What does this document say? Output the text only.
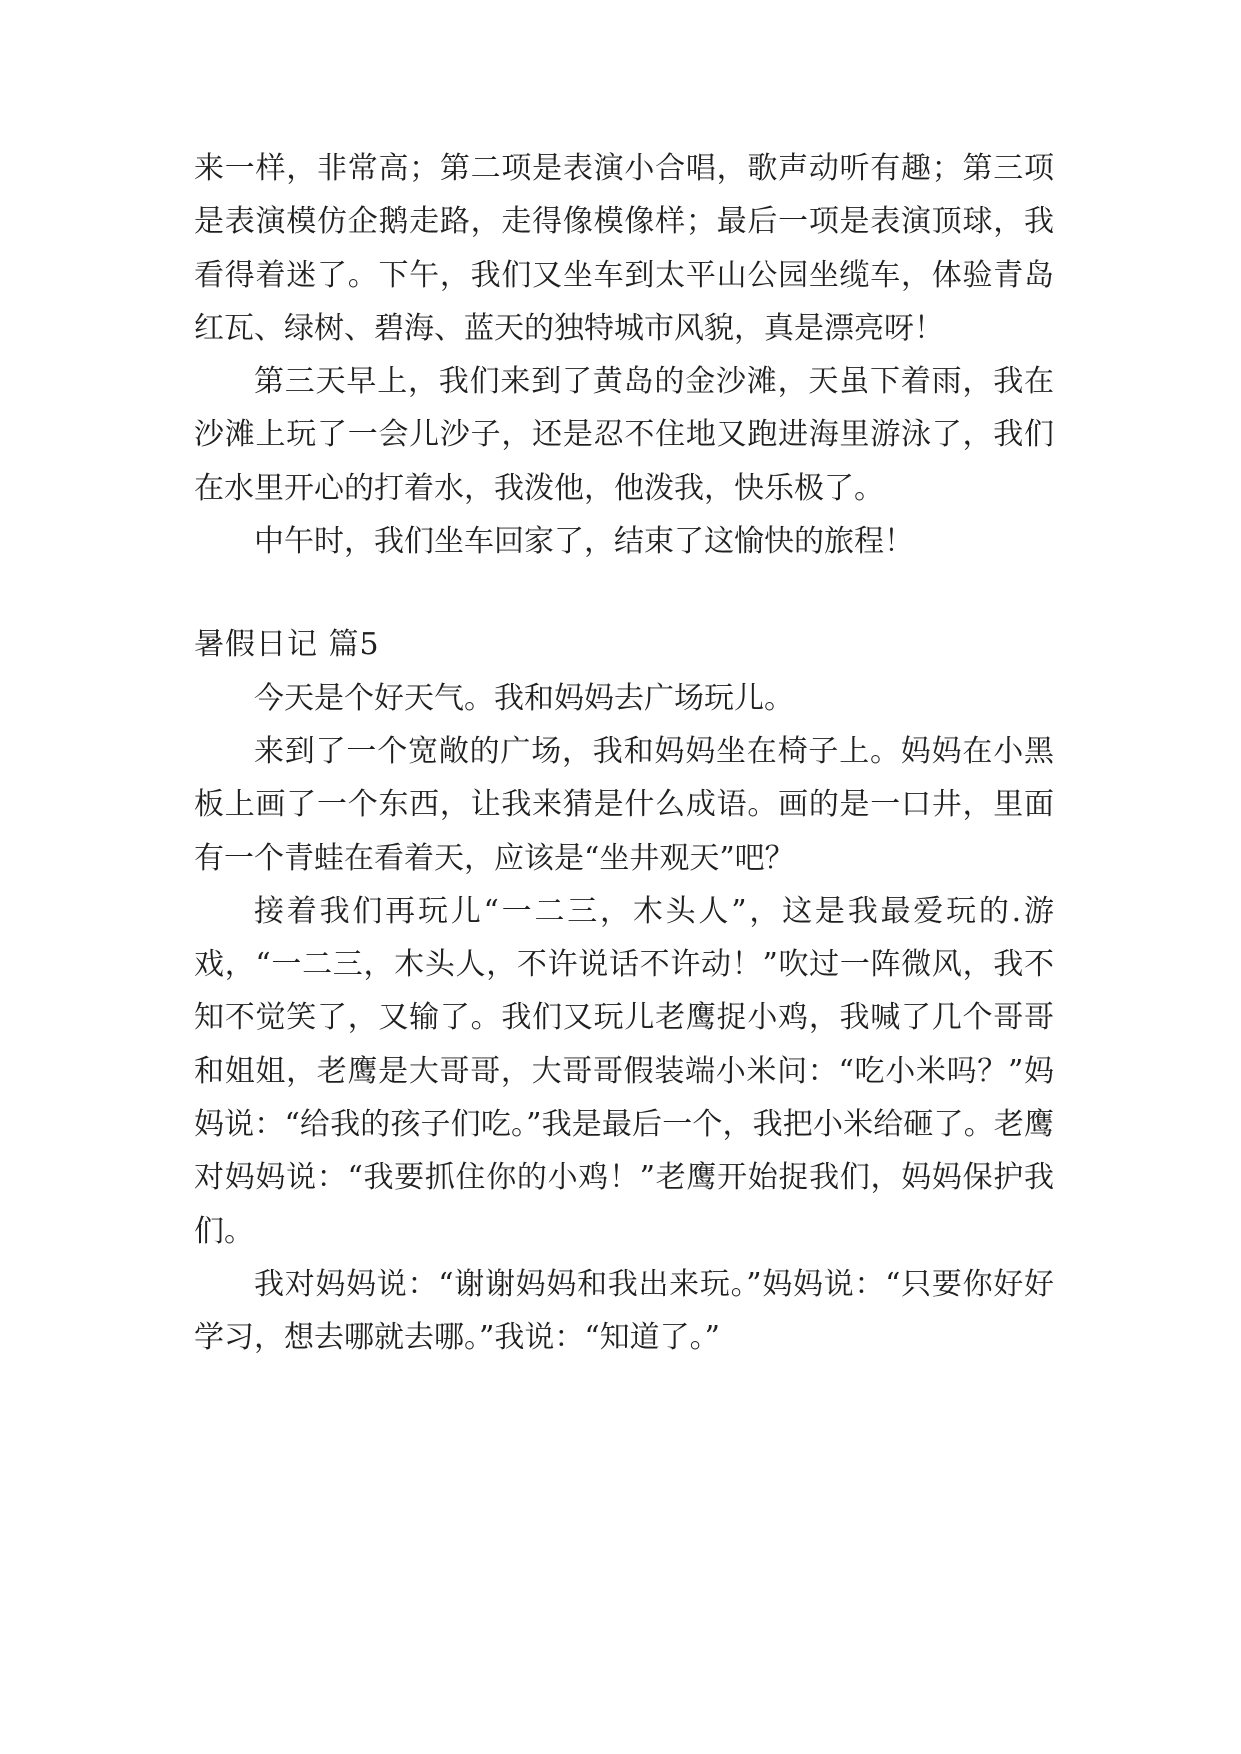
来一样，非常高；第二项是表演小合唱，歌声动听有趣；第三项是表演模仿企鹅走路，走得像模像样；最后一项是表演顶球，我看得着迷了。下午，我们又坐车到太平山公园坐缆车，体验青岛红瓦、绿树、碧海、蓝天的独特城市风貌，真是漂亮呀！

第三天早上，我们来到了黄岛的金沙滩，天虽下着雨，我在沙滩上玩了一会儿沙子，还是忍不住地又跑进海里游泳了，我们在水里开心的打着水，我泼他，他泼我，快乐极了。

中午时，我们坐车回家了，结束了这愉快的旅程！

暑假日记 篇5

今天是个好天气。我和妈妈去广场玩儿。

来到了一个宽敞的广场，我和妈妈坐在椅子上。妈妈在小黑板上画了一个东西，让我来猜是什么成语。画的是一口井，里面有一个青蛙在看着天，应该是“坐井观天”吧？

接着我们再玩儿“一二三，木头人”，这是我最爱玩的.游戏，“一二三，木头人，不许说话不许动！”吹过一阵微风，我不知不觉笑了，又输了。我们又玩儿老鹰捉小鸡，我喊了几个哥哥和姐姐，老鹰是大哥哥，大哥哥假装端小米问：“吃小米吗？”妈妈说：“给我的孩子们吃。”我是最后一个，我把小米给砸了。老鹰对妈妈说：“我要抓住你的小鸡！”老鹰开始捉我们，妈妈保护我们。

我对妈妈说：“谢谢妈妈和我出来玩。”妈妈说：“只要你好好学习，想去哪就去哪。”我说：“知道了。”
